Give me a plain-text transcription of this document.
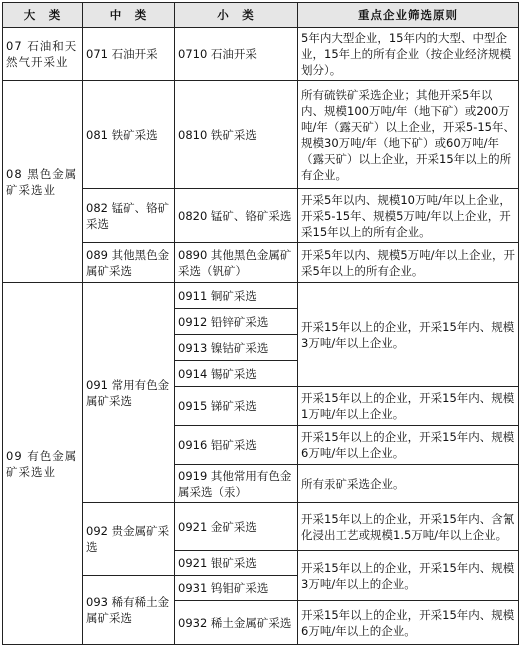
大　类	中　类	小　类	重点企业筛选原则
07 石油和天然气开采业	071 石油开采	0710 石油开采	5年内大型企业，15年内的大型、中型企业，15年上的所有企业（按企业经济规模划分）。
08 黑色金属矿采选业	081 铁矿采选	0810 铁矿采选	所有硫铁矿采选企业；其他开采5年以内、规模100万吨/年（地下矿）或200万吨/年（露天矿）以上企业，开采5-15年、规模30万吨/年（地下矿）或60万吨/年（露天矿）以上企业，开采15年以上的所有企业。
	082 锰矿、铬矿采选	0820 锰矿、铬矿采选	开采5年以内、规模10万吨/年以上企业，开采5-15年、规模5万吨/年以上企业，开采15年以上的所有企业。
	089 其他黑色金属矿采选	0890 其他黑色金属矿采选（钒矿）	开采5年以内、规模5万吨/年以上企业，开采5年以上的所有企业。
09 有色金属矿采选业	091 常用有色金属矿采选	0911 铜矿采选	开采15年以上的企业，开采15年内、规模3万吨/年以上企业。
		0912 铅锌矿采选	
		0913 镍钴矿采选	
		0914 锡矿采选	
		0915 锑矿采选	开采15年以上的企业，开采15年内、规模1万吨/年以上企业。
		0916 铝矿采选	开采15年以上的企业，开采15年内、规模6万吨/年以上企业。
		0919 其他常用有色金属采选（汞）	所有汞矿采选企业。
	092 贵金属矿采选	0921 金矿采选	开采15年以上的企业，开采15年内、含氰化浸出工艺或规模1.5万吨/年以上企业。
		0921 银矿采选	开采15年以上的企业，开采15年内、规模3万吨/年以上的企业。
	093 稀有稀土金属矿采选	0931 钨钼矿采选	
		0932 稀土金属矿采选	开采15年以上的企业，开采15年内、规模6万吨/年以上的企业。
